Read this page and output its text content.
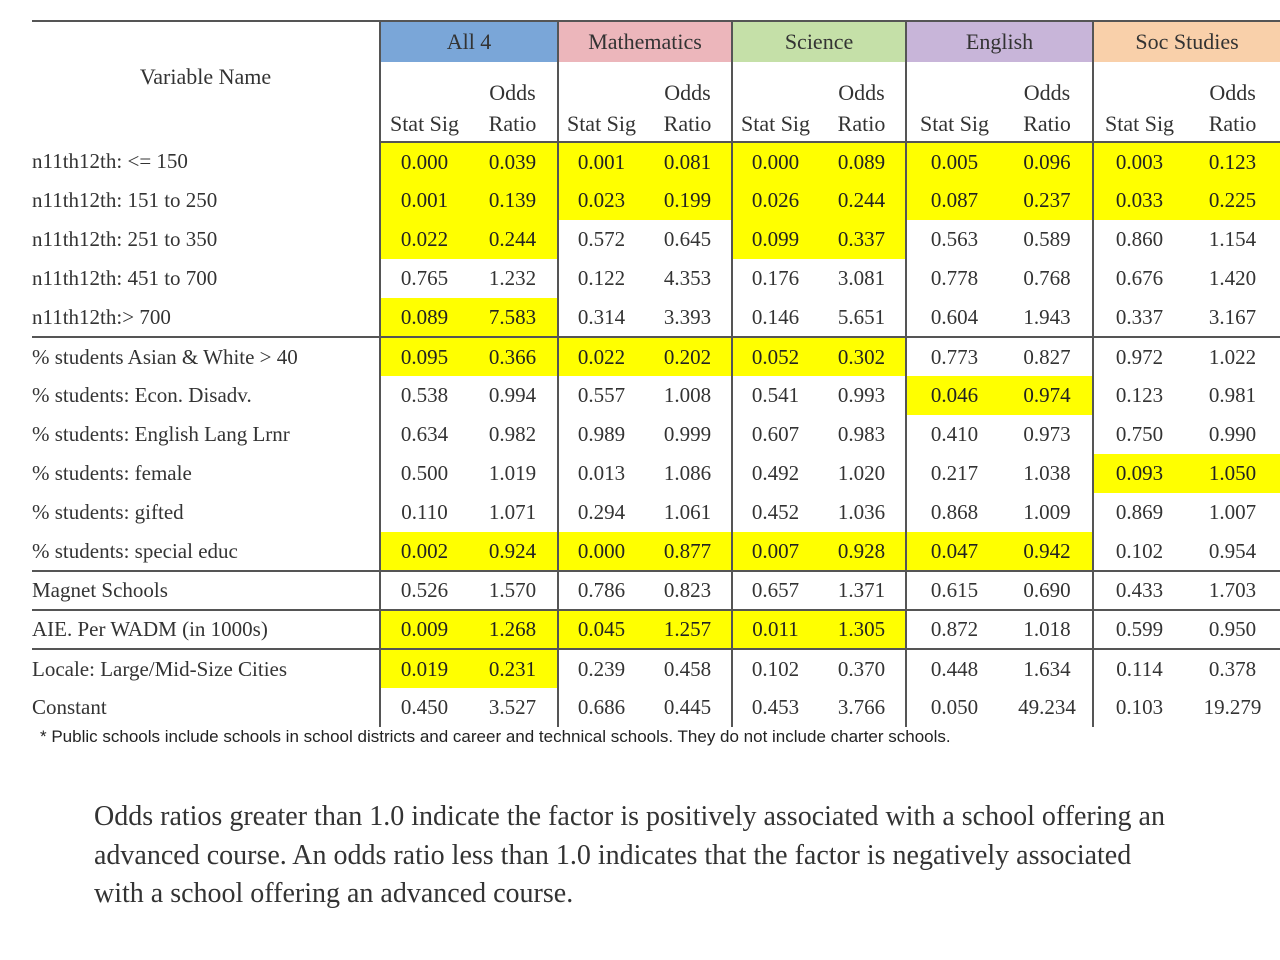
Variable Name	All 4		Mathematics		Science		English		Soc Studies	
	Stat Sig	Odds Ratio	Stat Sig	Odds Ratio	Stat Sig	Odds Ratio	Stat Sig	Odds Ratio	Stat Sig	Odds Ratio
n11th12th: <= 150	0.000	0.039	0.001	0.081	0.000	0.089	0.005	0.096	0.003	0.123
n11th12th: 151 to 250	0.001	0.139	0.023	0.199	0.026	0.244	0.087	0.237	0.033	0.225
n11th12th: 251 to 350	0.022	0.244	0.572	0.645	0.099	0.337	0.563	0.589	0.860	1.154
n11th12th: 451 to 700	0.765	1.232	0.122	4.353	0.176	3.081	0.778	0.768	0.676	1.420
n11th12th:> 700	0.089	7.583	0.314	3.393	0.146	5.651	0.604	1.943	0.337	3.167
% students Asian & White > 40	0.095	0.366	0.022	0.202	0.052	0.302	0.773	0.827	0.972	1.022
% students: Econ. Disadv.	0.538	0.994	0.557	1.008	0.541	0.993	0.046	0.974	0.123	0.981
% students: English Lang Lrnr	0.634	0.982	0.989	0.999	0.607	0.983	0.410	0.973	0.750	0.990
% students: female	0.500	1.019	0.013	1.086	0.492	1.020	0.217	1.038	0.093	1.050
% students: gifted	0.110	1.071	0.294	1.061	0.452	1.036	0.868	1.009	0.869	1.007
% students: special educ	0.002	0.924	0.000	0.877	0.007	0.928	0.047	0.942	0.102	0.954
Magnet Schools	0.526	1.570	0.786	0.823	0.657	1.371	0.615	0.690	0.433	1.703
AIE. Per WADM (in 1000s)	0.009	1.268	0.045	1.257	0.011	1.305	0.872	1.018	0.599	0.950
Locale: Large/Mid-Size Cities	0.019	0.231	0.239	0.458	0.102	0.370	0.448	1.634	0.114	0.378
Constant	0.450	3.527	0.686	0.445	0.453	3.766	0.050	49.234	0.103	19.279
* Public schools include schools in school districts and career and technical schools. They do not include charter schools.
Odds ratios greater than 1.0 indicate the factor is positively associated with a school offering an advanced course. An odds ratio less than 1.0 indicates that the factor is negatively associated with a school offering an advanced course.
